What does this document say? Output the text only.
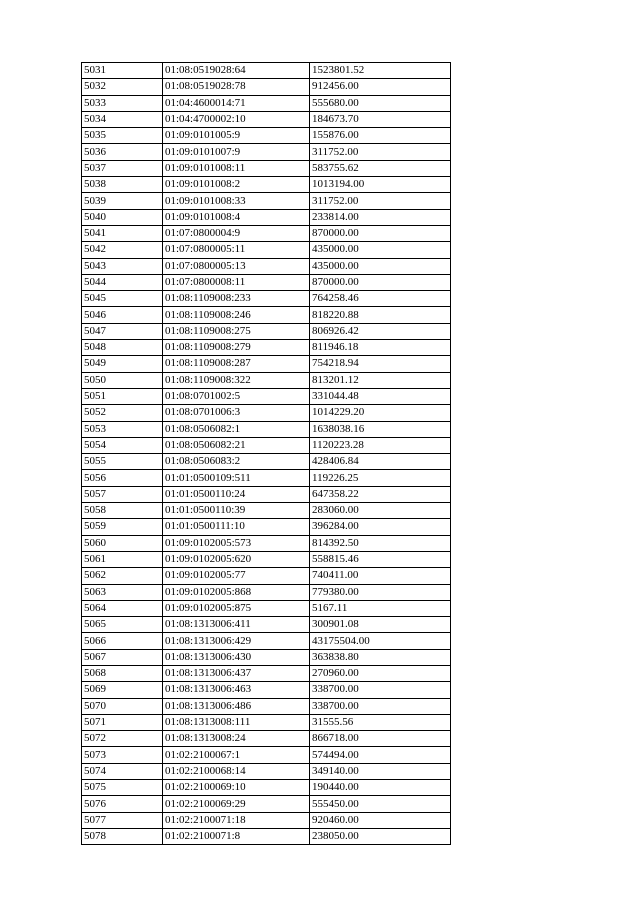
5031	01:08:0519028:64	1523801.52
5032	01:08:0519028:78	912456.00
5033	01:04:4600014:71	555680.00
5034	01:04:4700002:10	184673.70
5035	01:09:0101005:9	155876.00
5036	01:09:0101007:9	311752.00
5037	01:09:0101008:11	583755.62
5038	01:09:0101008:2	1013194.00
5039	01:09:0101008:33	311752.00
5040	01:09:0101008:4	233814.00
5041	01:07:0800004:9	870000.00
5042	01:07:0800005:11	435000.00
5043	01:07:0800005:13	435000.00
5044	01:07:0800008:11	870000.00
5045	01:08:1109008:233	764258.46
5046	01:08:1109008:246	818220.88
5047	01:08:1109008:275	806926.42
5048	01:08:1109008:279	811946.18
5049	01:08:1109008:287	754218.94
5050	01:08:1109008:322	813201.12
5051	01:08:0701002:5	331044.48
5052	01:08:0701006:3	1014229.20
5053	01:08:0506082:1	1638038.16
5054	01:08:0506082:21	1120223.28
5055	01:08:0506083:2	428406.84
5056	01:01:0500109:511	119226.25
5057	01:01:0500110:24	647358.22
5058	01:01:0500110:39	283060.00
5059	01:01:0500111:10	396284.00
5060	01:09:0102005:573	814392.50
5061	01:09:0102005:620	558815.46
5062	01:09:0102005:77	740411.00
5063	01:09:0102005:868	779380.00
5064	01:09:0102005:875	5167.11
5065	01:08:1313006:411	300901.08
5066	01:08:1313006:429	43175504.00
5067	01:08:1313006:430	363838.80
5068	01:08:1313006:437	270960.00
5069	01:08:1313006:463	338700.00
5070	01:08:1313006:486	338700.00
5071	01:08:1313008:111	31555.56
5072	01:08:1313008:24	866718.00
5073	01:02:2100067:1	574494.00
5074	01:02:2100068:14	349140.00
5075	01:02:2100069:10	190440.00
5076	01:02:2100069:29	555450.00
5077	01:02:2100071:18	920460.00
5078	01:02:2100071:8	238050.00
